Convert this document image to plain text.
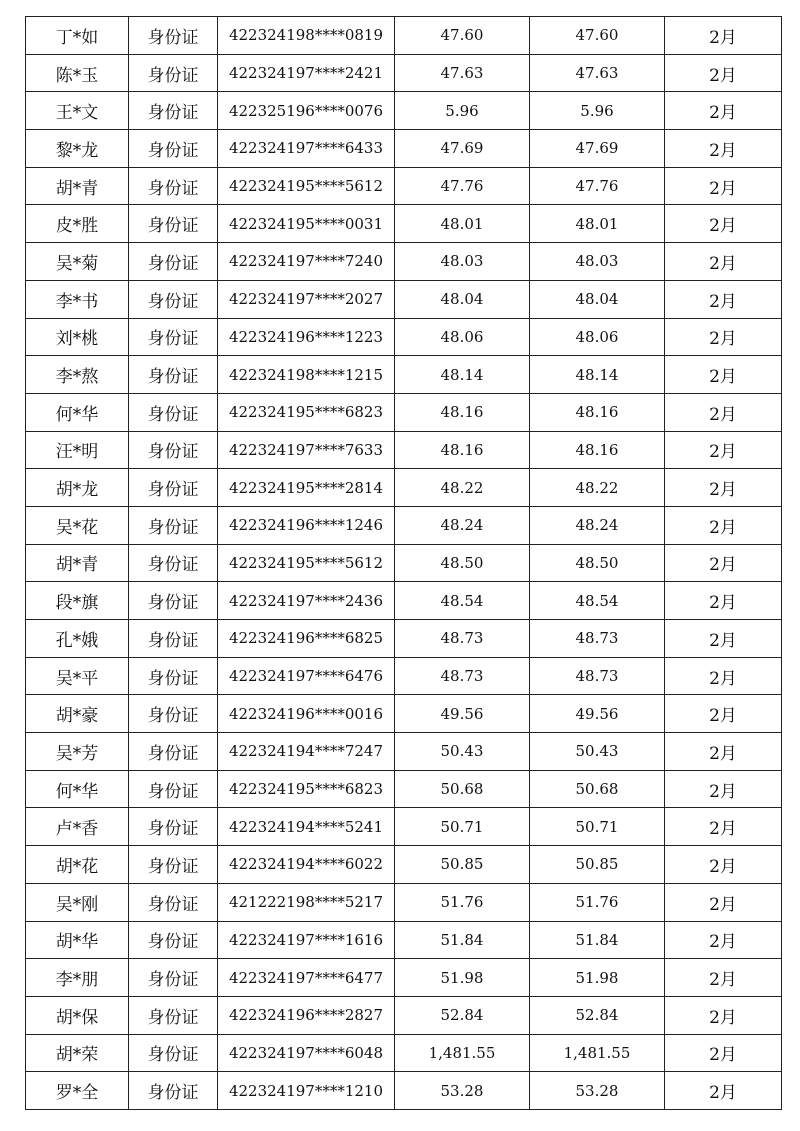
丁*如	身份证	422324198****0819	47.60	47.60	2月
陈*玉	身份证	422324197****2421	47.63	47.63	2月
王*文	身份证	422325196****0076	5.96	5.96	2月
黎*龙	身份证	422324197****6433	47.69	47.69	2月
胡*青	身份证	422324195****5612	47.76	47.76	2月
皮*胜	身份证	422324195****0031	48.01	48.01	2月
吴*菊	身份证	422324197****7240	48.03	48.03	2月
李*书	身份证	422324197****2027	48.04	48.04	2月
刘*桃	身份证	422324196****1223	48.06	48.06	2月
李*熬	身份证	422324198****1215	48.14	48.14	2月
何*华	身份证	422324195****6823	48.16	48.16	2月
汪*明	身份证	422324197****7633	48.16	48.16	2月
胡*龙	身份证	422324195****2814	48.22	48.22	2月
吴*花	身份证	422324196****1246	48.24	48.24	2月
胡*青	身份证	422324195****5612	48.50	48.50	2月
段*旗	身份证	422324197****2436	48.54	48.54	2月
孔*娥	身份证	422324196****6825	48.73	48.73	2月
吴*平	身份证	422324197****6476	48.73	48.73	2月
胡*豪	身份证	422324196****0016	49.56	49.56	2月
吴*芳	身份证	422324194****7247	50.43	50.43	2月
何*华	身份证	422324195****6823	50.68	50.68	2月
卢*香	身份证	422324194****5241	50.71	50.71	2月
胡*花	身份证	422324194****6022	50.85	50.85	2月
吴*刚	身份证	421222198****5217	51.76	51.76	2月
胡*华	身份证	422324197****1616	51.84	51.84	2月
李*朋	身份证	422324197****6477	51.98	51.98	2月
胡*保	身份证	422324196****2827	52.84	52.84	2月
胡*荣	身份证	422324197****6048	1,481.55	1,481.55	2月
罗*全	身份证	422324197****1210	53.28	53.28	2月
